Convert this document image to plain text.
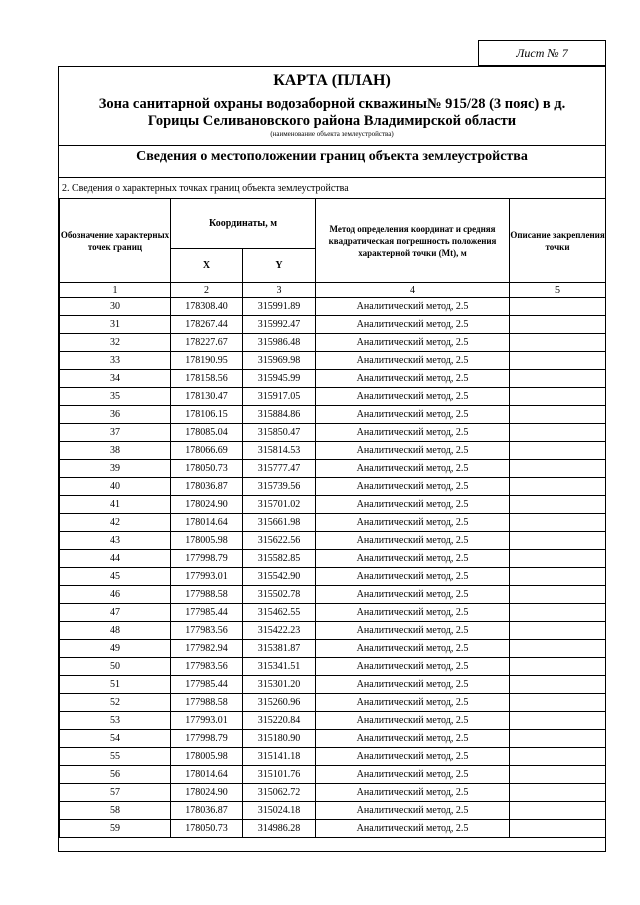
Лист № 7
КАРТА (ПЛАН)
Зона санитарной охраны водозаборной скважины№ 915/28 (3 пояс) в д. Горицы Селивановского района Владимирской области
(наименование объекта землеустройства)
Сведения о местоположении границ объекта землеустройства
2. Сведения о характерных точках границ объекта землеустройства
Обозначение характерных точек границ	Координаты, м		Метод определения координат и средняя квадратическая погрешность положения характерной точки (Mt), м	Описание закрепления точки
	X	Y		
1	2	3	4	5
30	178308.40	315991.89	Аналитический метод, 2.5	
31	178267.44	315992.47	Аналитический метод, 2.5	
32	178227.67	315986.48	Аналитический метод, 2.5	
33	178190.95	315969.98	Аналитический метод, 2.5	
34	178158.56	315945.99	Аналитический метод, 2.5	
35	178130.47	315917.05	Аналитический метод, 2.5	
36	178106.15	315884.86	Аналитический метод, 2.5	
37	178085.04	315850.47	Аналитический метод, 2.5	
38	178066.69	315814.53	Аналитический метод, 2.5	
39	178050.73	315777.47	Аналитический метод, 2.5	
40	178036.87	315739.56	Аналитический метод, 2.5	
41	178024.90	315701.02	Аналитический метод, 2.5	
42	178014.64	315661.98	Аналитический метод, 2.5	
43	178005.98	315622.56	Аналитический метод, 2.5	
44	177998.79	315582.85	Аналитический метод, 2.5	
45	177993.01	315542.90	Аналитический метод, 2.5	
46	177988.58	315502.78	Аналитический метод, 2.5	
47	177985.44	315462.55	Аналитический метод, 2.5	
48	177983.56	315422.23	Аналитический метод, 2.5	
49	177982.94	315381.87	Аналитический метод, 2.5	
50	177983.56	315341.51	Аналитический метод, 2.5	
51	177985.44	315301.20	Аналитический метод, 2.5	
52	177988.58	315260.96	Аналитический метод, 2.5	
53	177993.01	315220.84	Аналитический метод, 2.5	
54	177998.79	315180.90	Аналитический метод, 2.5	
55	178005.98	315141.18	Аналитический метод, 2.5	
56	178014.64	315101.76	Аналитический метод, 2.5	
57	178024.90	315062.72	Аналитический метод, 2.5	
58	178036.87	315024.18	Аналитический метод, 2.5	
59	178050.73	314986.28	Аналитический метод, 2.5	
